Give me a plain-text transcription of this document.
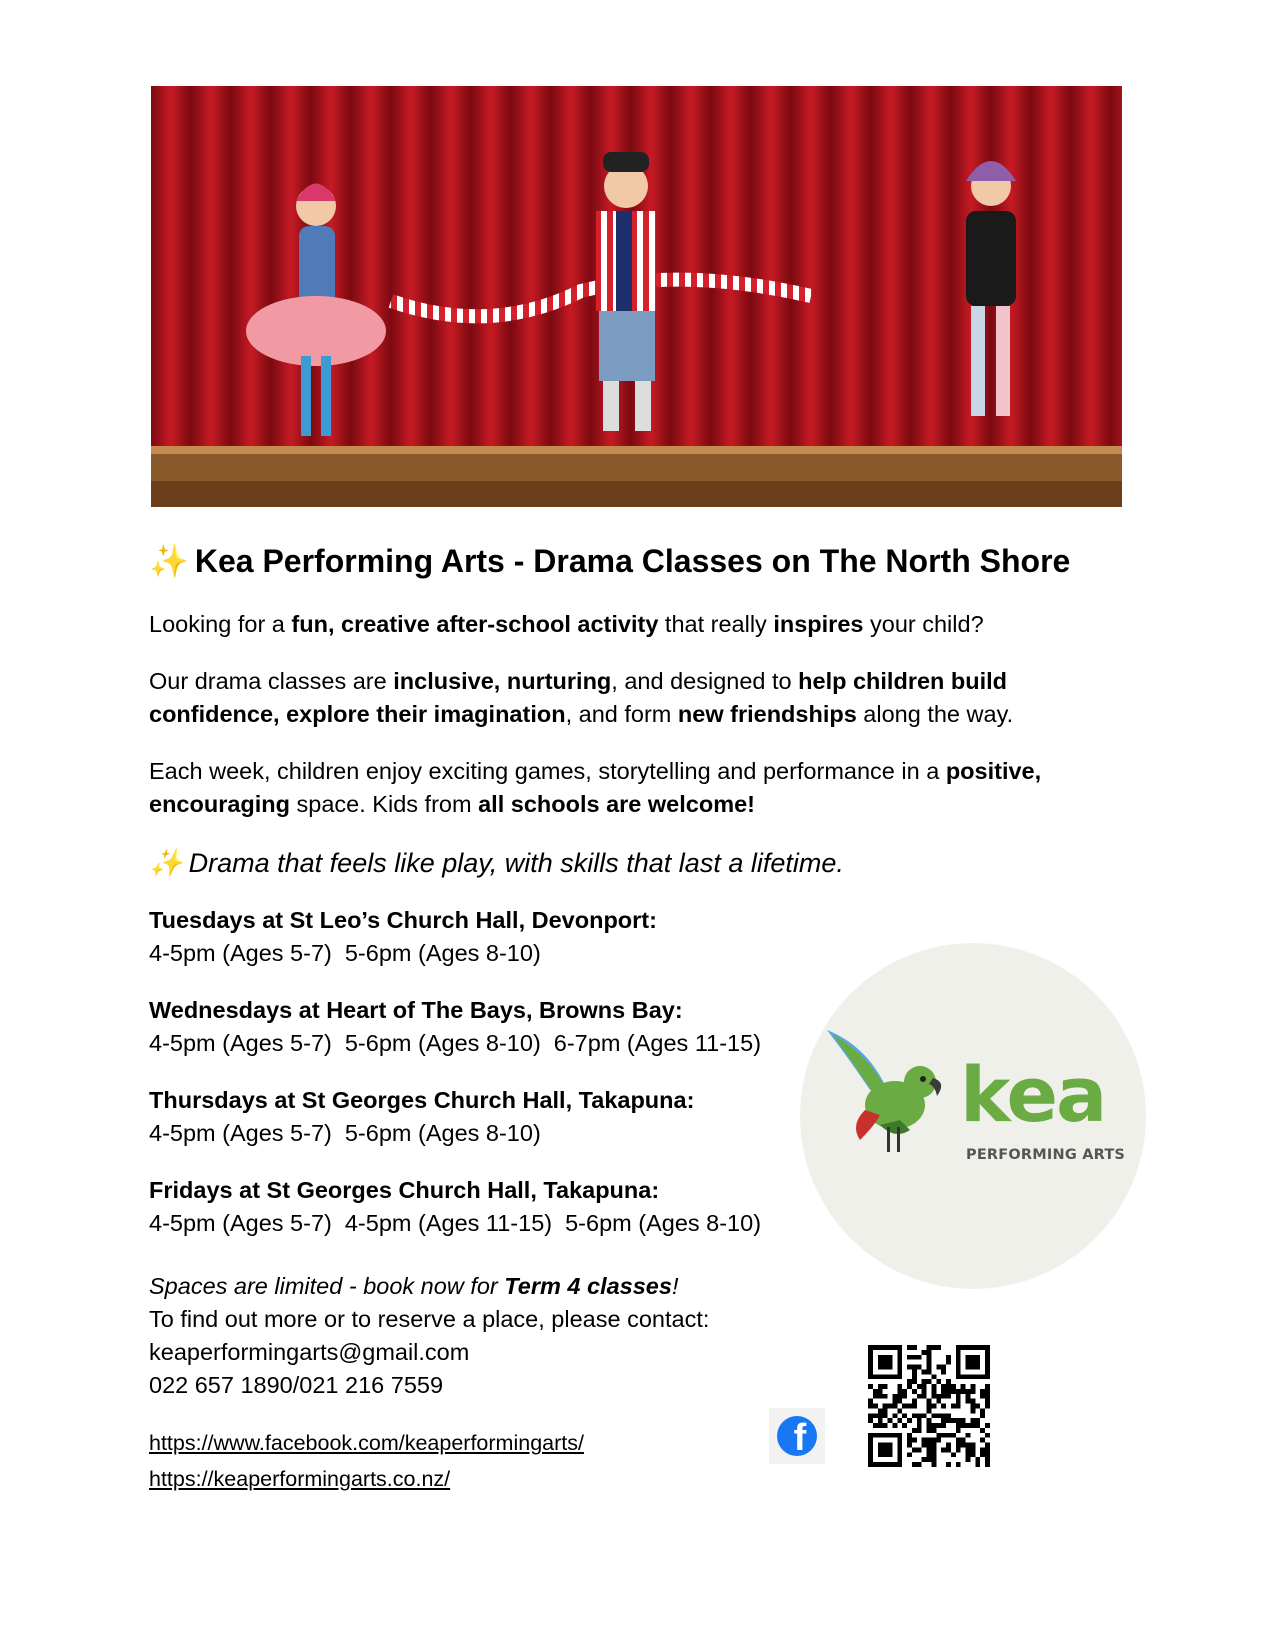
✨ Kea Performing Arts - Drama Classes on The North Shore

Looking for a fun, creative after-school activity that really inspires your child?

Our drama classes are inclusive, nurturing, and designed to help children build confidence, explore their imagination, and form new friendships along the way.

Each week, children enjoy exciting games, storytelling and performance in a positive, encouraging space. Kids from all schools are welcome!

✨ Drama that feels like play, with skills that last a lifetime.

Tuesdays at St Leo’s Church Hall, Devonport:
4-5pm (Ages 5-7) 5-6pm (Ages 8-10)
Wednesdays at Heart of The Bays, Browns Bay:
4-5pm (Ages 5-7) 5-6pm (Ages 8-10) 6-7pm (Ages 11-15)
Thursdays at St Georges Church Hall, Takapuna:
4-5pm (Ages 5-7) 5-6pm (Ages 8-10)
Fridays at St Georges Church Hall, Takapuna:
4-5pm (Ages 5-7) 4-5pm (Ages 11-15) 5-6pm (Ages 8-10)
Spaces are limited - book now for Term 4 classes!
To find out more or to reserve a place, please contact:
keaperformingarts@gmail.com
022 657 1890/021 216 7559
https://www.facebook.com/keaperformingarts/
https://keaperformingarts.co.nz/
kea
PERFORMING ARTS
f
